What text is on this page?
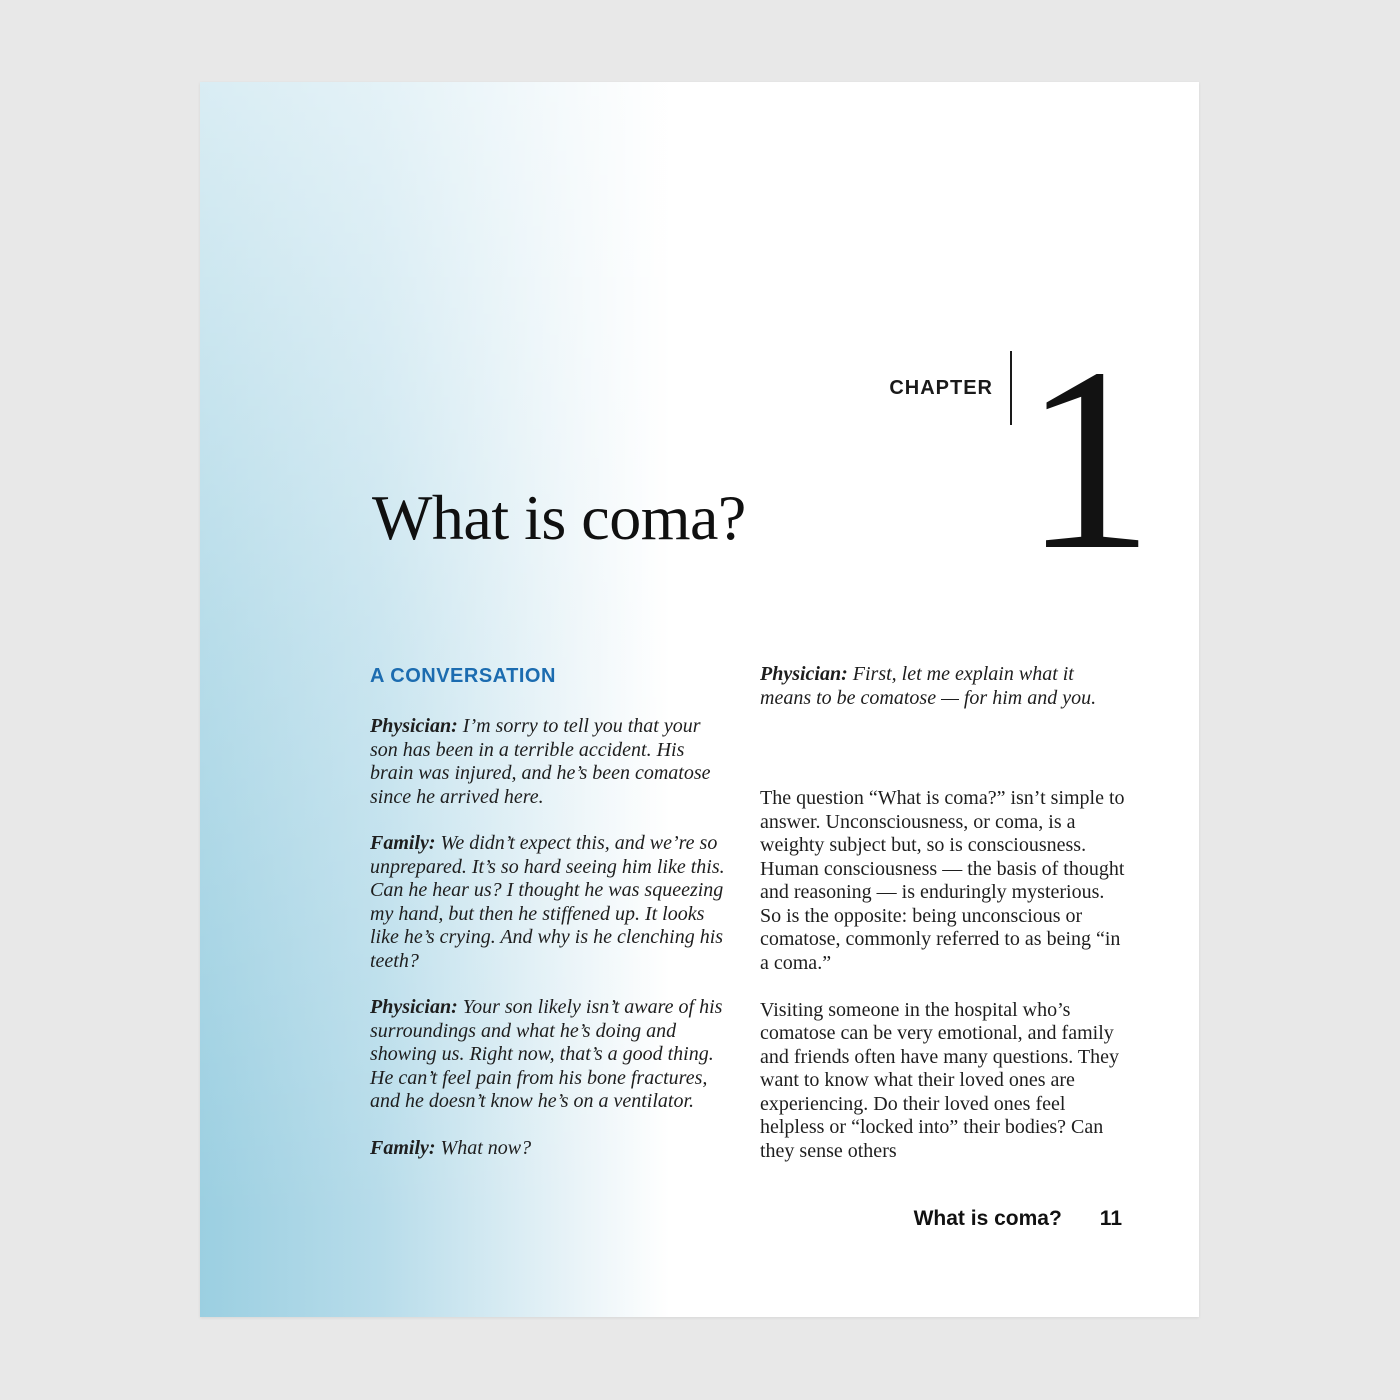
CHAPTER 1
What is coma?
A CONVERSATION

Physician: I’m sorry to tell you that your son has been in a terrible accident. His brain was injured, and he’s been comatose since he arrived here.

Family: We didn’t expect this, and we’re so unprepared. It’s so hard seeing him like this. Can he hear us? I thought he was squeezing my hand, but then he stiffened up. It looks like he’s crying. And why is he clenching his teeth?

Physician: Your son likely isn’t aware of his surroundings and what he’s doing and showing us. Right now, that’s a good thing. He can’t feel pain from his bone fractures, and he doesn’t know he’s on a ventilator.

Family: What now?

Physician: First, let me explain what it means to be comatose — for him and you.

The question “What is coma?” isn’t simple to answer. Unconsciousness, or coma, is a weighty subject but, so is consciousness. Human consciousness — the basis of thought and reasoning — is enduringly mysterious. So is the opposite: being unconscious or comatose, commonly referred to as being “in a coma.”

Visiting someone in the hospital who’s comatose can be very emotional, and family and friends often have many questions. They want to know what their loved ones are experiencing. Do their loved ones feel helpless or “locked into” their bodies? Can they sense others

What is coma? 11
